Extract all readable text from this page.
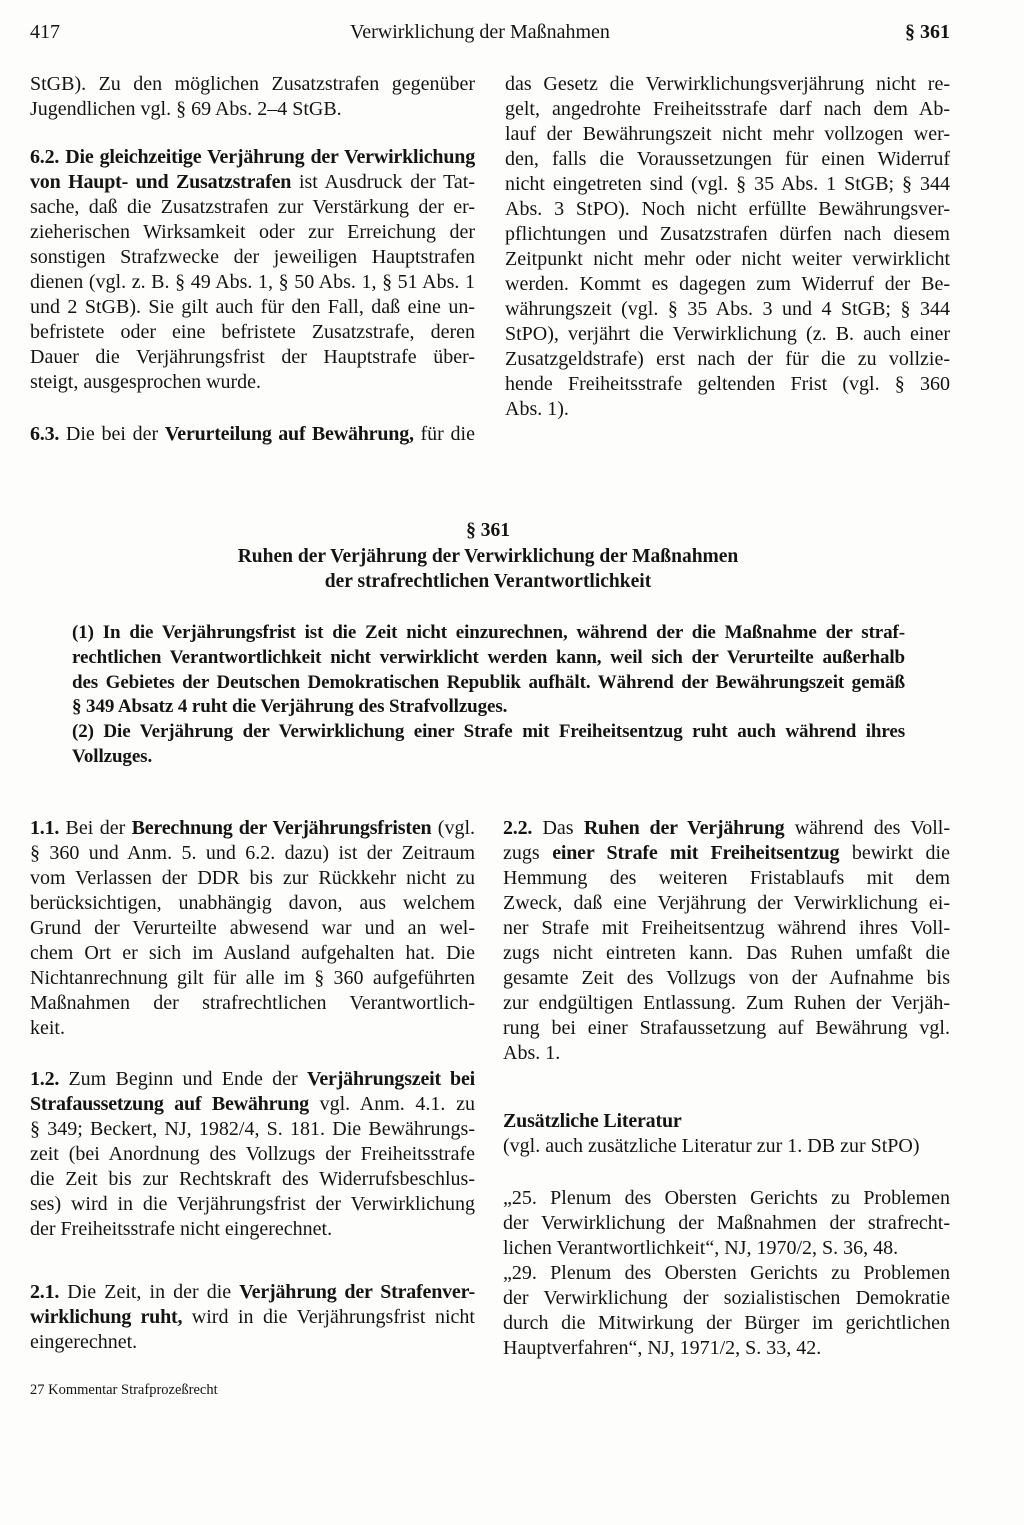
417	Verwirklichung der Maßnahmen	§ 361
StGB). Zu den möglichen Zusatzstrafen gegenüber
Jugendlichen vgl. § 69 Abs. 2–4 StGB.
6.2. Die gleichzeitige Verjährung der Verwirklichung
von Haupt- und Zusatzstrafen ist Ausdruck der Tat-
sache, daß die Zusatzstrafen zur Verstärkung der er-
zieherischen Wirksamkeit oder zur Erreichung der
sonstigen Strafzwecke der jeweiligen Hauptstrafen
dienen (vgl. z. B. § 49 Abs. 1, § 50 Abs. 1, § 51 Abs. 1
und 2 StGB). Sie gilt auch für den Fall, daß eine un-
befristete oder eine befristete Zusatzstrafe, deren
Dauer die Verjährungsfrist der Hauptstrafe über-
steigt, ausgesprochen wurde.
6.3. Die bei der Verurteilung auf Bewährung, für die
das Gesetz die Verwirklichungsverjährung nicht re-
gelt, angedrohte Freiheitsstrafe darf nach dem Ab-
lauf der Bewährungszeit nicht mehr vollzogen wer-
den, falls die Voraussetzungen für einen Widerruf
nicht eingetreten sind (vgl. § 35 Abs. 1 StGB; § 344
Abs. 3 StPO). Noch nicht erfüllte Bewährungsver-
pflichtungen und Zusatzstrafen dürfen nach diesem
Zeitpunkt nicht mehr oder nicht weiter verwirklicht
werden. Kommt es dagegen zum Widerruf der Be-
währungszeit (vgl. § 35 Abs. 3 und 4 StGB; § 344
StPO), verjährt die Verwirklichung (z. B. auch einer
Zusatzgeldstrafe) erst nach der für die zu vollzie-
hende Freiheitsstrafe geltenden Frist (vgl. § 360
Abs. 1).
§ 361
Ruhen der Verjährung der Verwirklichung der Maßnahmen
der strafrechtlichen Verantwortlichkeit
(1) In die Verjährungsfrist ist die Zeit nicht einzurechnen, während der die Maßnahme der straf-
rechtlichen Verantwortlichkeit nicht verwirklicht werden kann, weil sich der Verurteilte außerhalb
des Gebietes der Deutschen Demokratischen Republik aufhält. Während der Bewährungszeit gemäß
§ 349 Absatz 4 ruht die Verjährung des Strafvollzuges.
(2) Die Verjährung der Verwirklichung einer Strafe mit Freiheitsentzug ruht auch während ihres
Vollzuges.
1.1. Bei der Berechnung der Verjährungsfristen (vgl.
§ 360 und Anm. 5. und 6.2. dazu) ist der Zeitraum
vom Verlassen der DDR bis zur Rückkehr nicht zu
berücksichtigen, unabhängig davon, aus welchem
Grund der Verurteilte abwesend war und an wel-
chem Ort er sich im Ausland aufgehalten hat. Die
Nichtanrechnung gilt für alle im § 360 aufgeführten
Maßnahmen der strafrechtlichen Verantwortlich-
keit.
1.2. Zum Beginn und Ende der Verjährungszeit bei
Strafaussetzung auf Bewährung vgl. Anm. 4.1. zu
§ 349; Beckert, NJ, 1982/4, S. 181. Die Bewährungs-
zeit (bei Anordnung des Vollzugs der Freiheitsstrafe
die Zeit bis zur Rechtskraft des Widerrufsbeschlus-
ses) wird in die Verjährungsfrist der Verwirklichung
der Freiheitsstrafe nicht eingerechnet.
2.1. Die Zeit, in der die Verjährung der Strafenver-
wirklichung ruht, wird in die Verjährungsfrist nicht
eingerechnet.
2.2. Das Ruhen der Verjährung während des Voll-
zugs einer Strafe mit Freiheitsentzug bewirkt die
Hemmung des weiteren Fristablaufs mit dem
Zweck, daß eine Verjährung der Verwirklichung ei-
ner Strafe mit Freiheitsentzug während ihres Voll-
zugs nicht eintreten kann. Das Ruhen umfaßt die
gesamte Zeit des Vollzugs von der Aufnahme bis
zur endgültigen Entlassung. Zum Ruhen der Verjäh-
rung bei einer Strafaussetzung auf Bewährung vgl.
Abs. 1.
Zusätzliche Literatur
(vgl. auch zusätzliche Literatur zur 1. DB zur StPO)
„25. Plenum des Obersten Gerichts zu Problemen
der Verwirklichung der Maßnahmen der strafrecht-
lichen Verantwortlichkeit“, NJ, 1970/2, S. 36, 48.
„29. Plenum des Obersten Gerichts zu Problemen
der Verwirklichung der sozialistischen Demokratie
durch die Mitwirkung der Bürger im gerichtlichen
Hauptverfahren“, NJ, 1971/2, S. 33, 42.
27 Kommentar Strafprozeßrecht
